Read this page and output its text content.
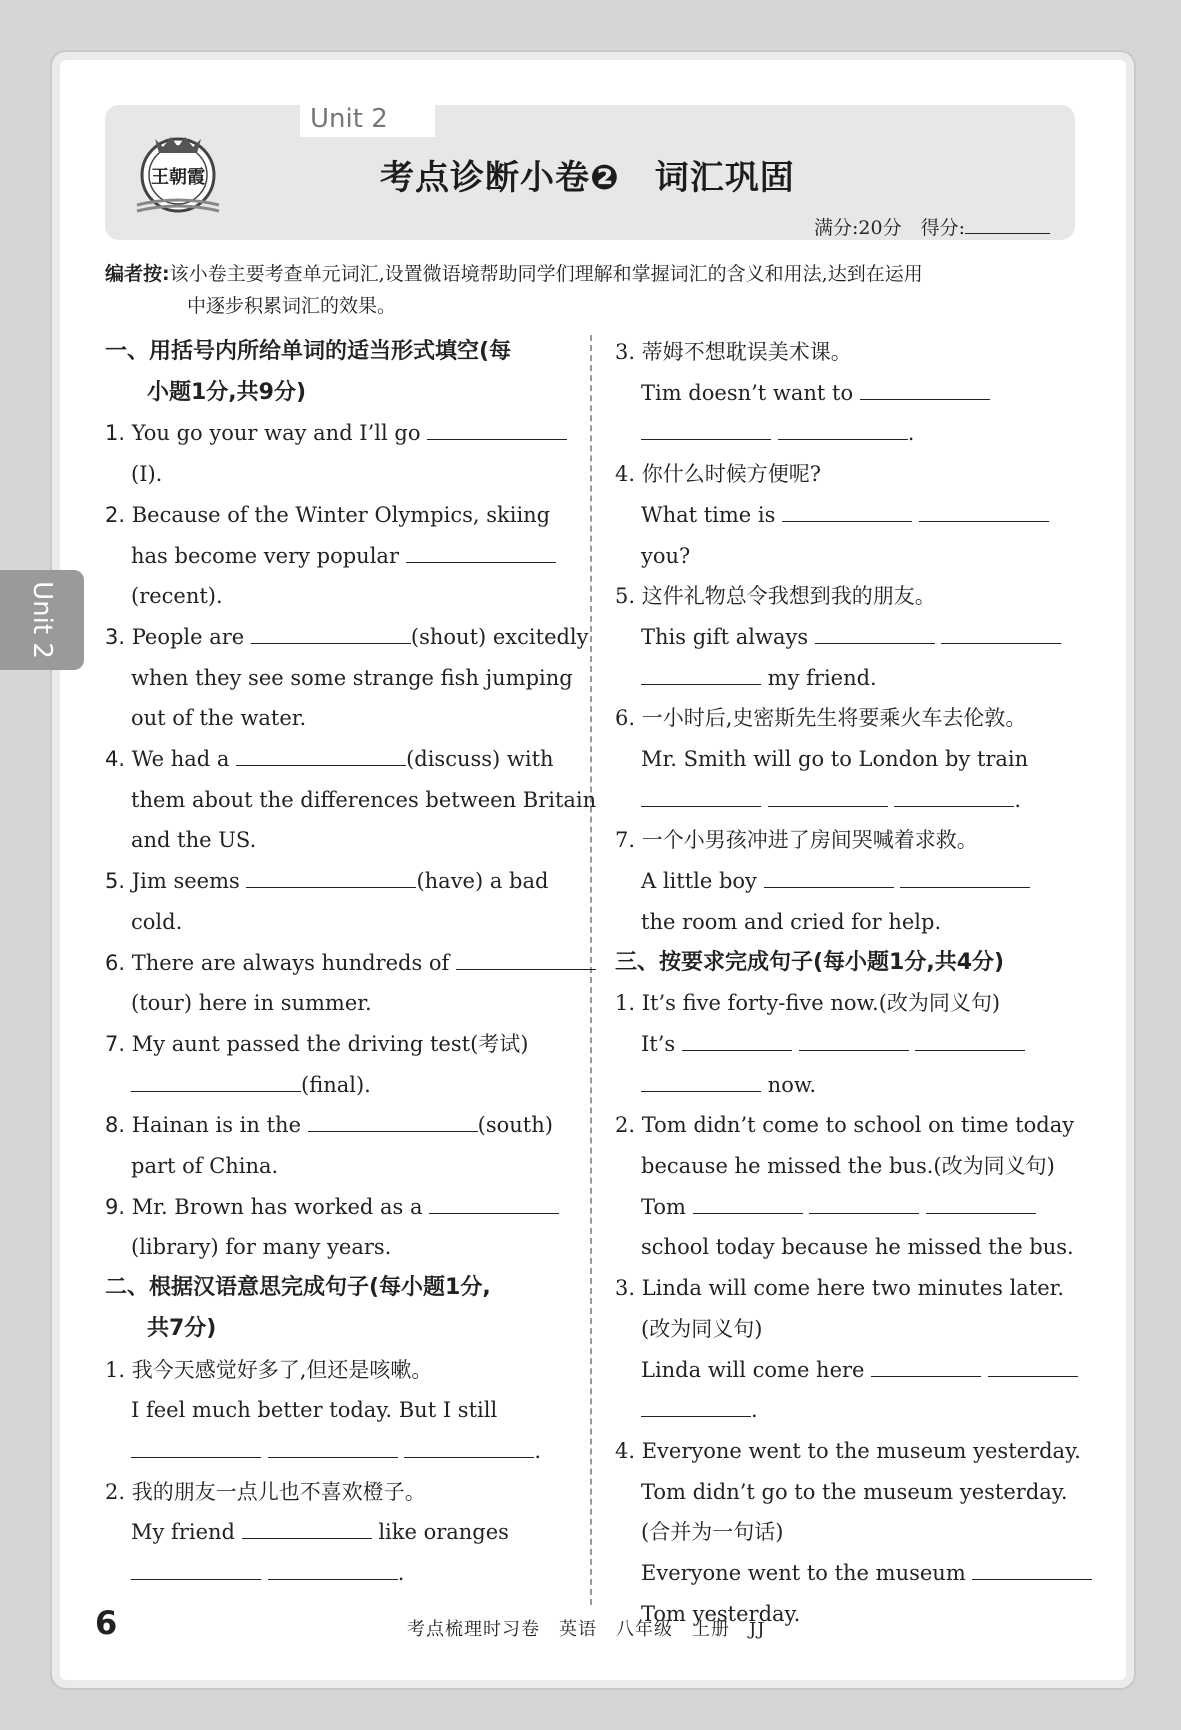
Unit 2
Unit 2
王朝霞	考点诊断小卷❷　词汇巩固
满分:20分　得分:
编者按:该小卷主要考查单元词汇,设置微语境帮助同学们理解和掌握词汇的含义和用法,达到在运用
中逐步积累词汇的效果。
一、用括号内所给单词的适当形式填空(每
小题1分,共9分)
1. You go your way and I’ll go
(I).
2. Because of the Winter Olympics, skiing
has become very popular
(recent).
3. People are	(shout) excitedly
when they see some strange fish jumping
out of the water.
4. We had a	(discuss) with
them about the differences between Britain
and the US.
5. Jim seems	(have) a bad
cold.
6. There are always hundreds of
(tour) here in summer.
7. My aunt passed the driving test(考试)
(final).
8. Hainan is in the	(south)
part of China.
9. Mr. Brown has worked as a
(library) for many years.
二、根据汉语意思完成句子(每小题1分,
共7分)
1. 我今天感觉好多了,但还是咳嗽。
I feel much better today. But I still
.
2. 我的朋友一点儿也不喜欢橙子。
My friend	like oranges
.
3. 蒂姆不想耽误美术课。
Tim doesn’t want to
.
4. 你什么时候方便呢?
What time is
you?
5. 这件礼物总令我想到我的朋友。
This gift always
my friend.
6. 一小时后,史密斯先生将要乘火车去伦敦。
Mr. Smith will go to London by train
.
7. 一个小男孩冲进了房间哭喊着求救。
A little boy
the room and cried for help.
三、按要求完成句子(每小题1分,共4分)
1. It’s five forty-five now.(改为同义句)
It’s
now.
2. Tom didn’t come to school on time today
because he missed the bus.(改为同义句)
Tom
school today because he missed the bus.
3. Linda will come here two minutes later.
(改为同义句)
Linda will come here
.
4. Everyone went to the museum yesterday.
Tom didn’t go to the museum yesterday.
(合并为一句话)
Everyone went to the museum
Tom yesterday.
6	考点梳理时习卷　英语　八年级　上册　JJ
